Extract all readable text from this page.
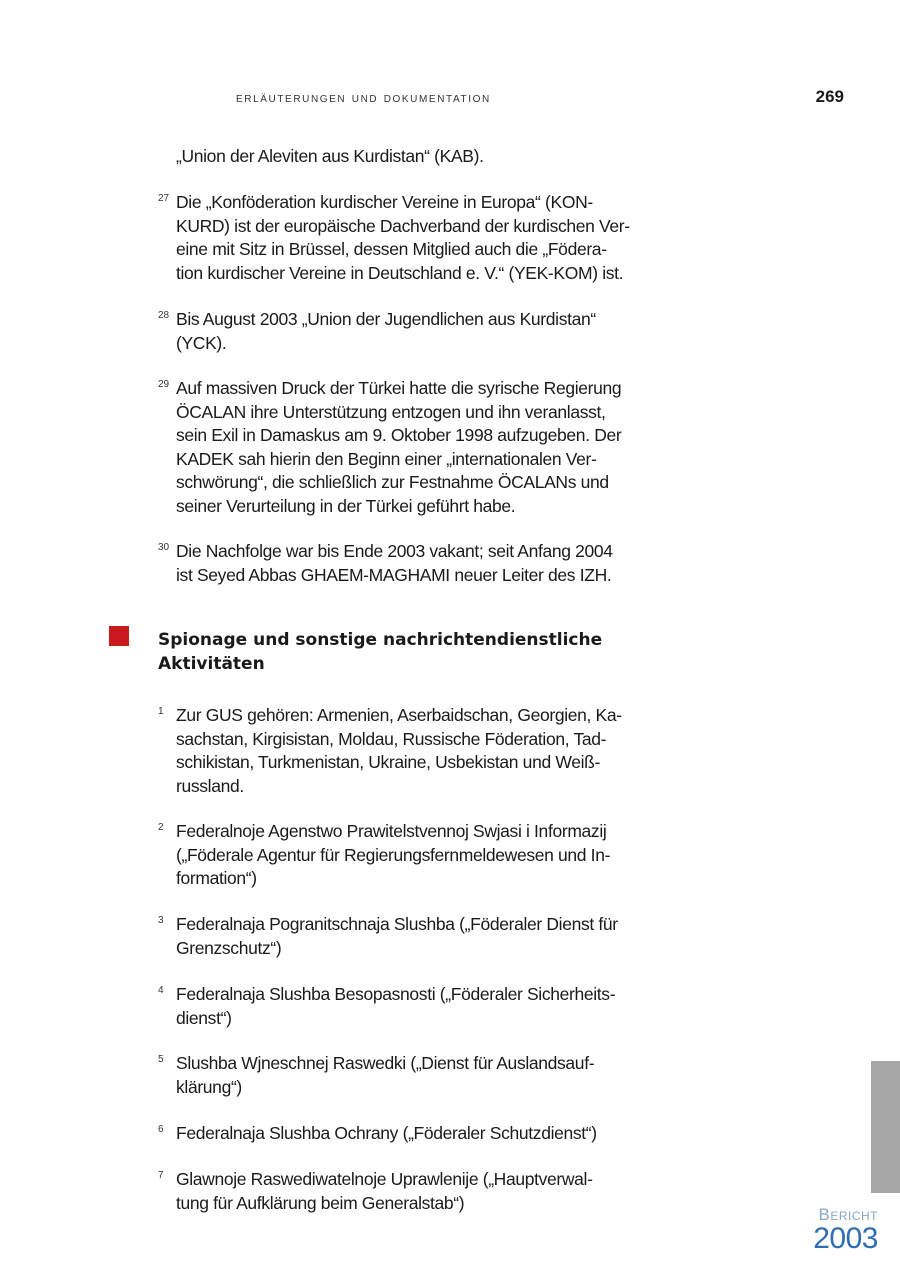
erläuterungen und dokumentation	269
„Union der Aleviten aus Kurdistan“ (KAB).
27 Die „Konföderation kurdischer Vereine in Europa“ (KON-
KURD) ist der europäische Dachverband der kurdischen Ver-
eine mit Sitz in Brüssel, dessen Mitglied auch die „Födera-
tion kurdischer Vereine in Deutschland e. V.“ (YEK-KOM) ist.
28 Bis August 2003 „Union der Jugendlichen aus Kurdistan“
(YCK).
29 Auf massiven Druck der Türkei hatte die syrische Regierung
ÖCALAN ihre Unterstützung entzogen und ihn veranlasst,
sein Exil in Damaskus am 9. Oktober 1998 aufzugeben. Der
KADEK sah hierin den Beginn einer „internationalen Ver-
schwörung“, die schließlich zur Festnahme ÖCALANs und
seiner Verurteilung in der Türkei geführt habe.
30 Die Nachfolge war bis Ende 2003 vakant; seit Anfang 2004
ist Seyed Abbas GHAEM-MAGHAMI neuer Leiter des IZH.
Spionage und sonstige nachrichtendienstliche
Aktivitäten
1 Zur GUS gehören: Armenien, Aserbaidschan, Georgien, Ka-
sachstan, Kirgisistan, Moldau, Russische Föderation, Tad-
schikistan, Turkmenistan, Ukraine, Usbekistan und Weiß-
russland.
2 Federalnoje Agenstwo Prawitelstvennoj Swjasi i Informazij
(„Föderale Agentur für Regierungsfernmeldewesen und In-
formation“)
3 Federalnaja Pogranitschnaja Slushba („Föderaler Dienst für
Grenzschutz“)
4 Federalnaja Slushba Besopasnosti („Föderaler Sicherheits-
dienst“)
5 Slushba Wjneschnej Raswedki („Dienst für Auslandsauf-
klärung“)
6 Federalnaja Slushba Ochrany („Föderaler Schutzdienst“)
7 Glawnoje Raswediwatelnoje Uprawlenije („Hauptverwal-
tung für Aufklärung beim Generalstab“)
Bericht
2003
